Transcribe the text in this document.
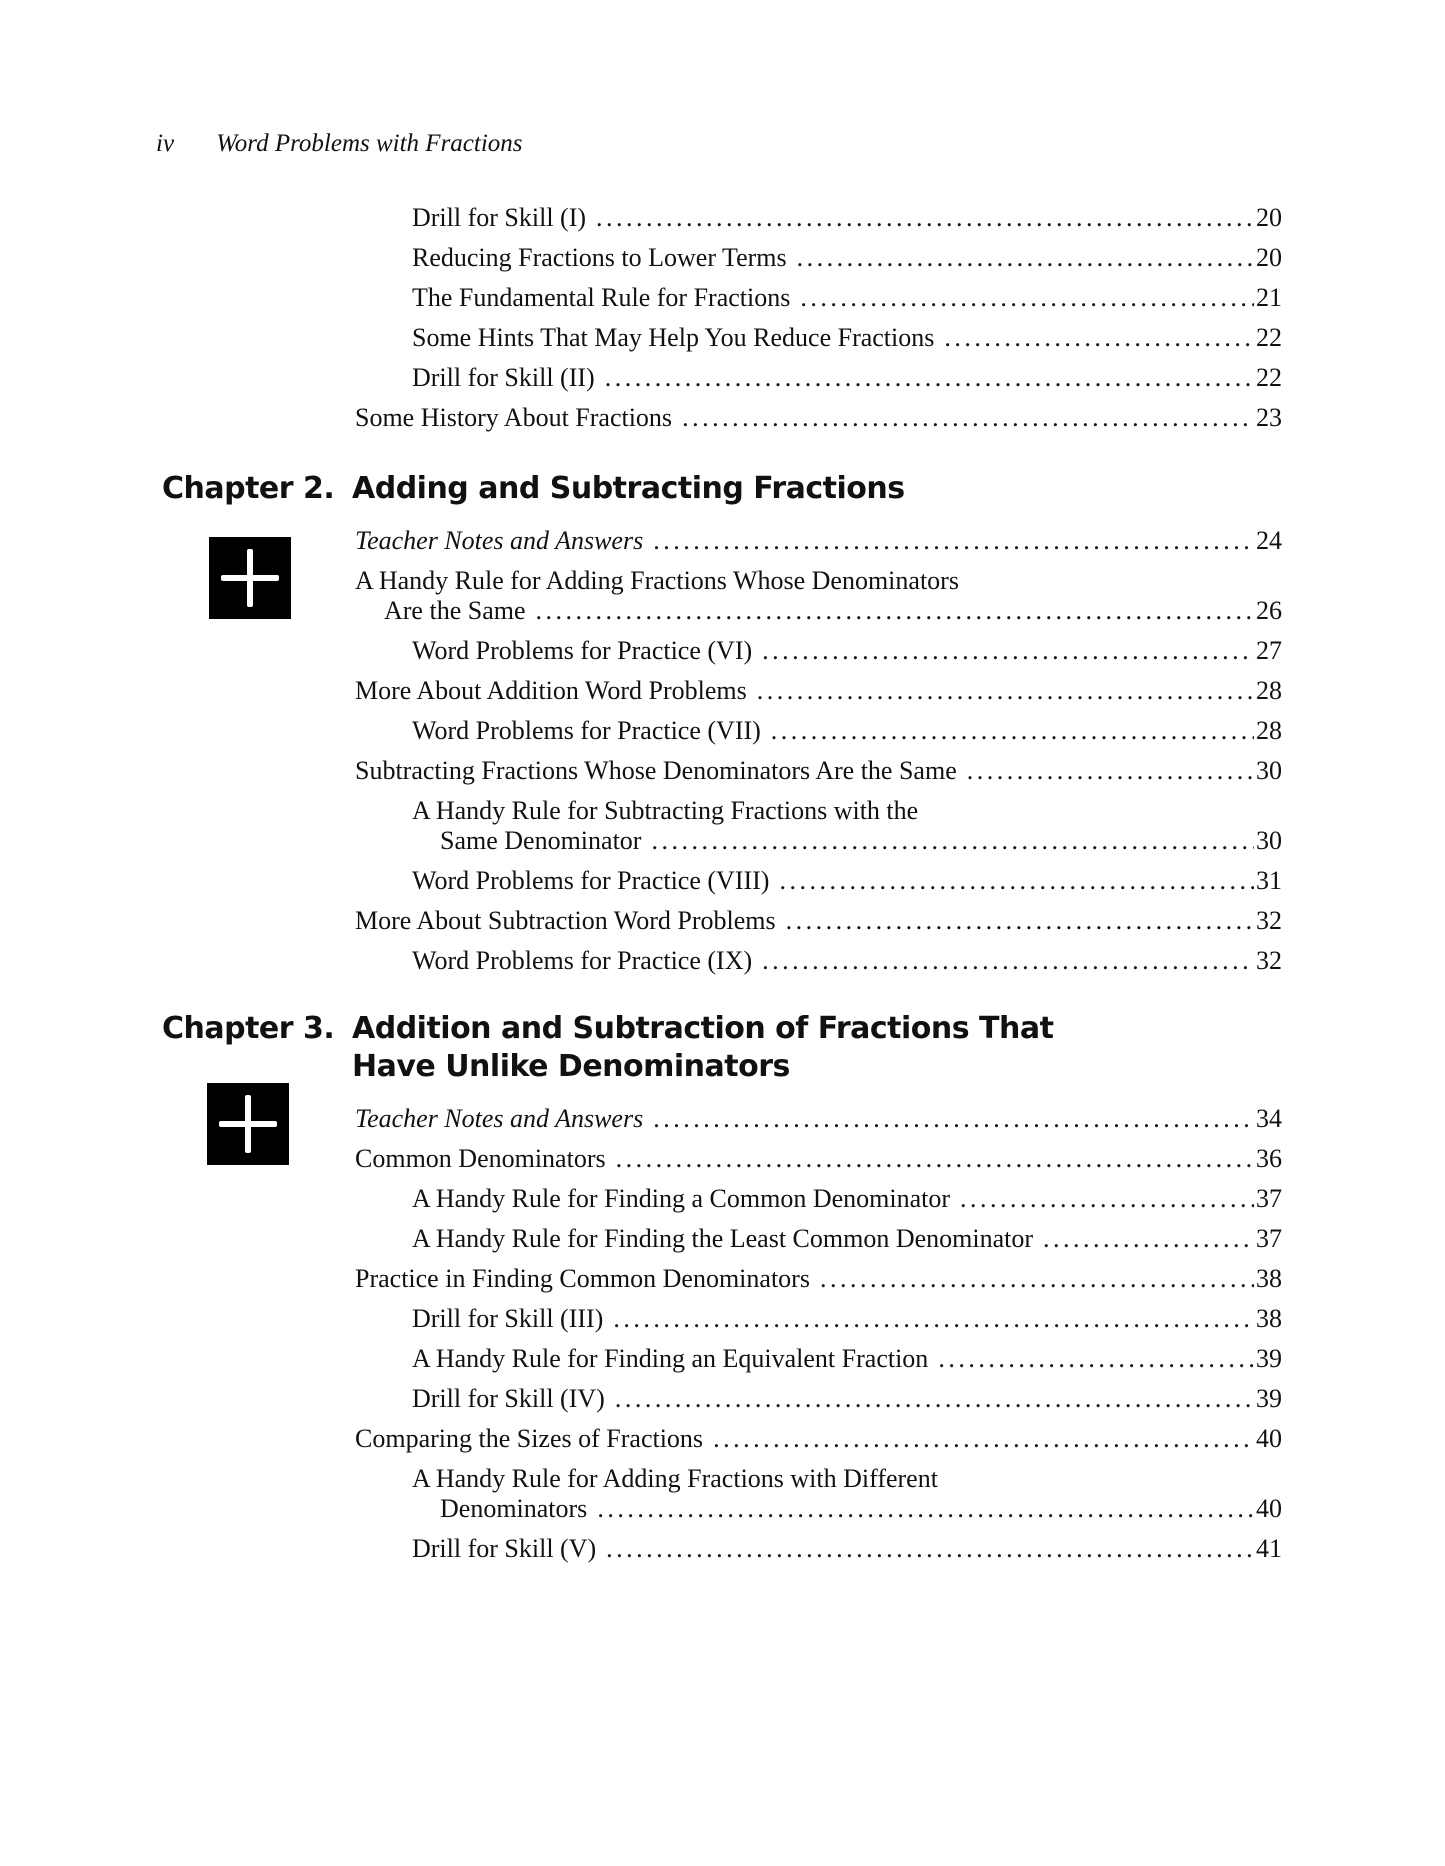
iv Word Problems with Fractions
Drill for Skill (I) . . .	20
Reducing Fractions to Lower Terms . . .	20
The Fundamental Rule for Fractions . . .	21
Some Hints That May Help You Reduce Fractions . . .	22
Drill for Skill (II) . . .	22
Some History About Fractions . . .	23
Chapter 2. Adding and Subtracting Fractions
Teacher Notes and Answers . . .	24
A Handy Rule for Adding Fractions Whose Denominators
Are the Same . . .	26
Word Problems for Practice (VI) . . .	27
More About Addition Word Problems . . .	28
Word Problems for Practice (VII) . . .	28
Subtracting Fractions Whose Denominators Are the Same . . .	30
A Handy Rule for Subtracting Fractions with the
Same Denominator . . .	30
Word Problems for Practice (VIII) . . .	31
More About Subtraction Word Problems . . .	32
Word Problems for Practice (IX) . . .	32
Chapter 3. Addition and Subtraction of Fractions That
Have Unlike Denominators
Teacher Notes and Answers . . .	34
Common Denominators . . .	36
A Handy Rule for Finding a Common Denominator . . .	37
A Handy Rule for Finding the Least Common Denominator . . .	37
Practice in Finding Common Denominators . . .	38
Drill for Skill (III) . . .	38
A Handy Rule for Finding an Equivalent Fraction . . .	39
Drill for Skill (IV) . . .	39
Comparing the Sizes of Fractions . . .	40
A Handy Rule for Adding Fractions with Different
Denominators . . .	40
Drill for Skill (V) . . .	41
